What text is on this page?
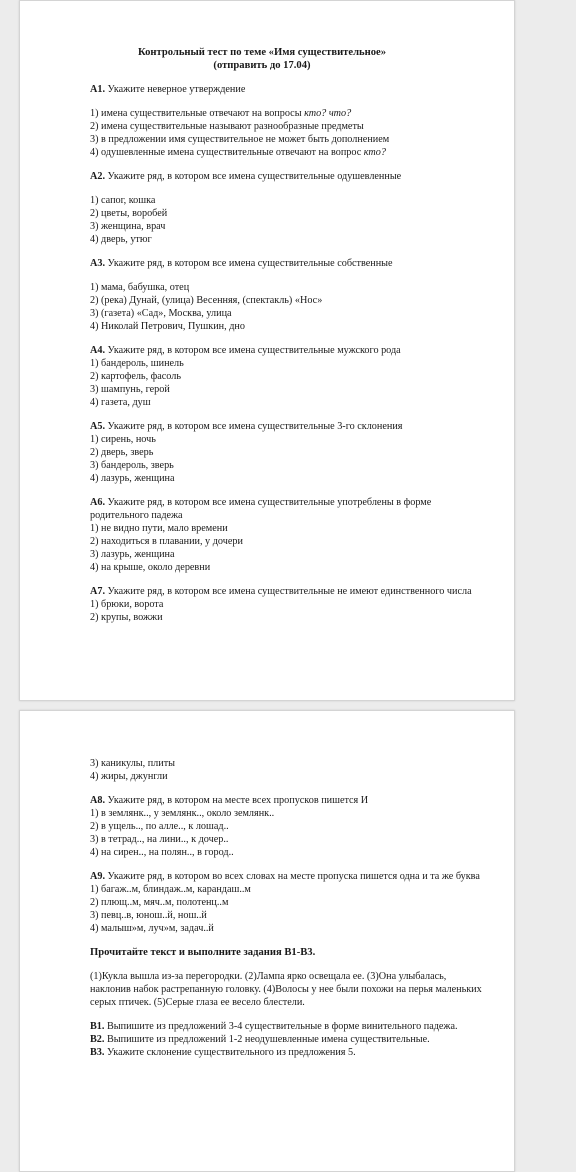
Контрольный тест по теме «Имя существительное»
(отправить до 17.04)
А1. Укажите неверное утверждение
1) имена существительные отвечают на вопросы кто? что?
2) имена существительные называют разнообразные предметы
3) в предложении имя существительное не может быть дополнением
4) одушевленные имена существительные отвечают на вопрос кто?
А2. Укажите ряд, в котором все имена существительные одушевленные
1) сапог, кошка
2) цветы, воробей
3) женщина, врач
4) дверь, утюг
А3. Укажите ряд, в котором все имена существительные собственные
1) мама, бабушка, отец
2) (река) Дунай, (улица) Весенняя, (спектакль) «Нос»
3) (газета) «Сад», Москва, улица
4) Николай Петрович, Пушкин, дно
А4. Укажите ряд, в котором все имена существительные мужского рода
1) бандероль, шинель
2) картофель, фасоль
3) шампунь, герой
4) газета, душ
А5. Укажите ряд, в котором все имена существительные 3-го склонения
1) сирень, ночь
2) дверь, зверь
3) бандероль, зверь
4) лазурь, женщина
А6. Укажите ряд, в котором все имена существительные употреблены в форме родительного падежа
1) не видно пути, мало времени
2) находиться в плавании, у дочери
3) лазурь, женщина
4) на крыше, около деревни
А7. Укажите ряд, в котором все имена существительные не имеют единственного числа
1) брюки, ворота
2) крупы, вожжи
3) каникулы, плиты
4) жиры, джунгли
А8. Укажите ряд, в котором на месте всех пропусков пишется И
1) в землянк.., у землянк.., около землянк..
2) в ущель.., по алле.., к лошад..
3) в тетрад.., на лини.., к дочер..
4) на сирен.., на полян.., в город..
А9. Укажите ряд, в котором во всех словах на месте пропуска пишется одна и та же буква
1) багаж..м, блиндаж..м, карандаш..м
2) плющ..м, мяч..м, полотенц..м
3) певц..в, юнош..й, нош..й
4) малыш»м, луч»м, задач..й
Прочитайте текст и выполните задания В1-В3.
(1)Кукла вышла из-за перегородки. (2)Лампа ярко освещала ее. (3)Она улыбалась, наклонив набок растрепанную головку. (4)Волосы у нее были похожи на перья маленьких серых птичек. (5)Серые глаза ее весело блестели.
В1. Выпишите из предложений 3-4 существительные в форме винительного падежа.
В2. Выпишите из предложений 1-2 неодушевленные имена существительные.
В3. Укажите склонение существительного из предложения 5.
